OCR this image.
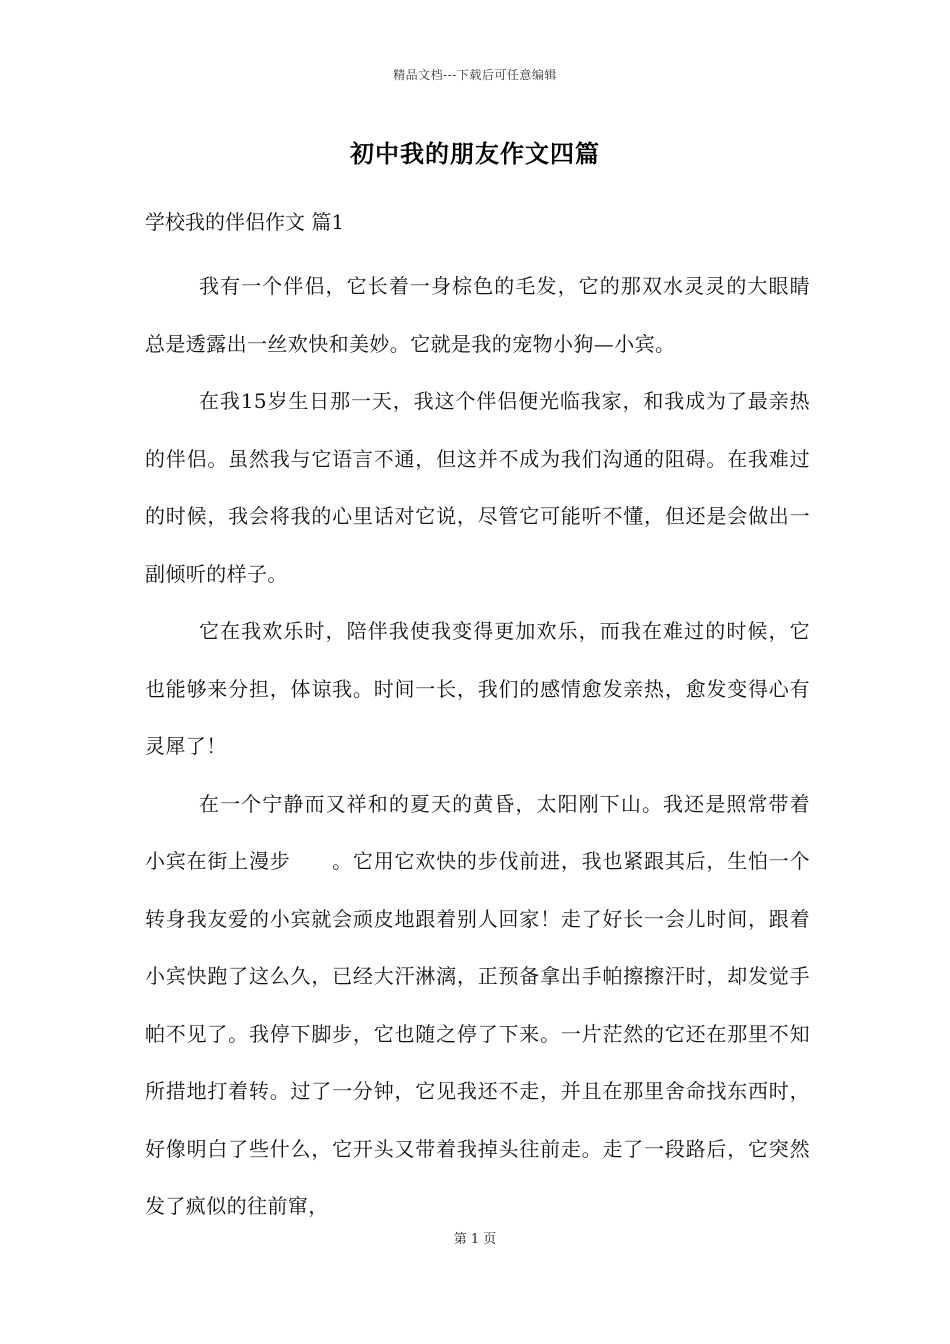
精品文档---下载后可任意编辑
初中我的朋友作文四篇
学校我的伴侣作文 篇1

我有一个伴侣，它长着一身棕色的毛发，它的那双水灵灵的大眼睛总是透露出一丝欢快和美妙。它就是我的宠物小狗—小宾。

在我15岁生日那一天，我这个伴侣便光临我家，和我成为了最亲热的伴侣。虽然我与它语言不通，但这并不成为我们沟通的阻碍。在我难过的时候，我会将我的心里话对它说，尽管它可能听不懂，但还是会做出一副倾听的样子。

它在我欢乐时，陪伴我使我变得更加欢乐，而我在难过的时候，它也能够来分担，体谅我。时间一长，我们的感情愈发亲热，愈发变得心有灵犀了！

在一个宁静而又祥和的夏天的黄昏，太阳刚下山。我还是照常带着小宾在街上漫步　　。它用它欢快的步伐前进，我也紧跟其后，生怕一个转身我友爱的小宾就会顽皮地跟着别人回家！走了好长一会儿时间，跟着小宾快跑了这么久，已经大汗淋漓，正预备拿出手帕擦擦汗时，却发觉手帕不见了。我停下脚步，它也随之停了下来。一片茫然的它还在那里不知所措地打着转。过了一分钟，它见我还不走，并且在那里舍命找东西时，好像明白了些什么，它开头又带着我掉头往前走。走了一段路后，它突然发了疯似的往前窜，

第 1 页
